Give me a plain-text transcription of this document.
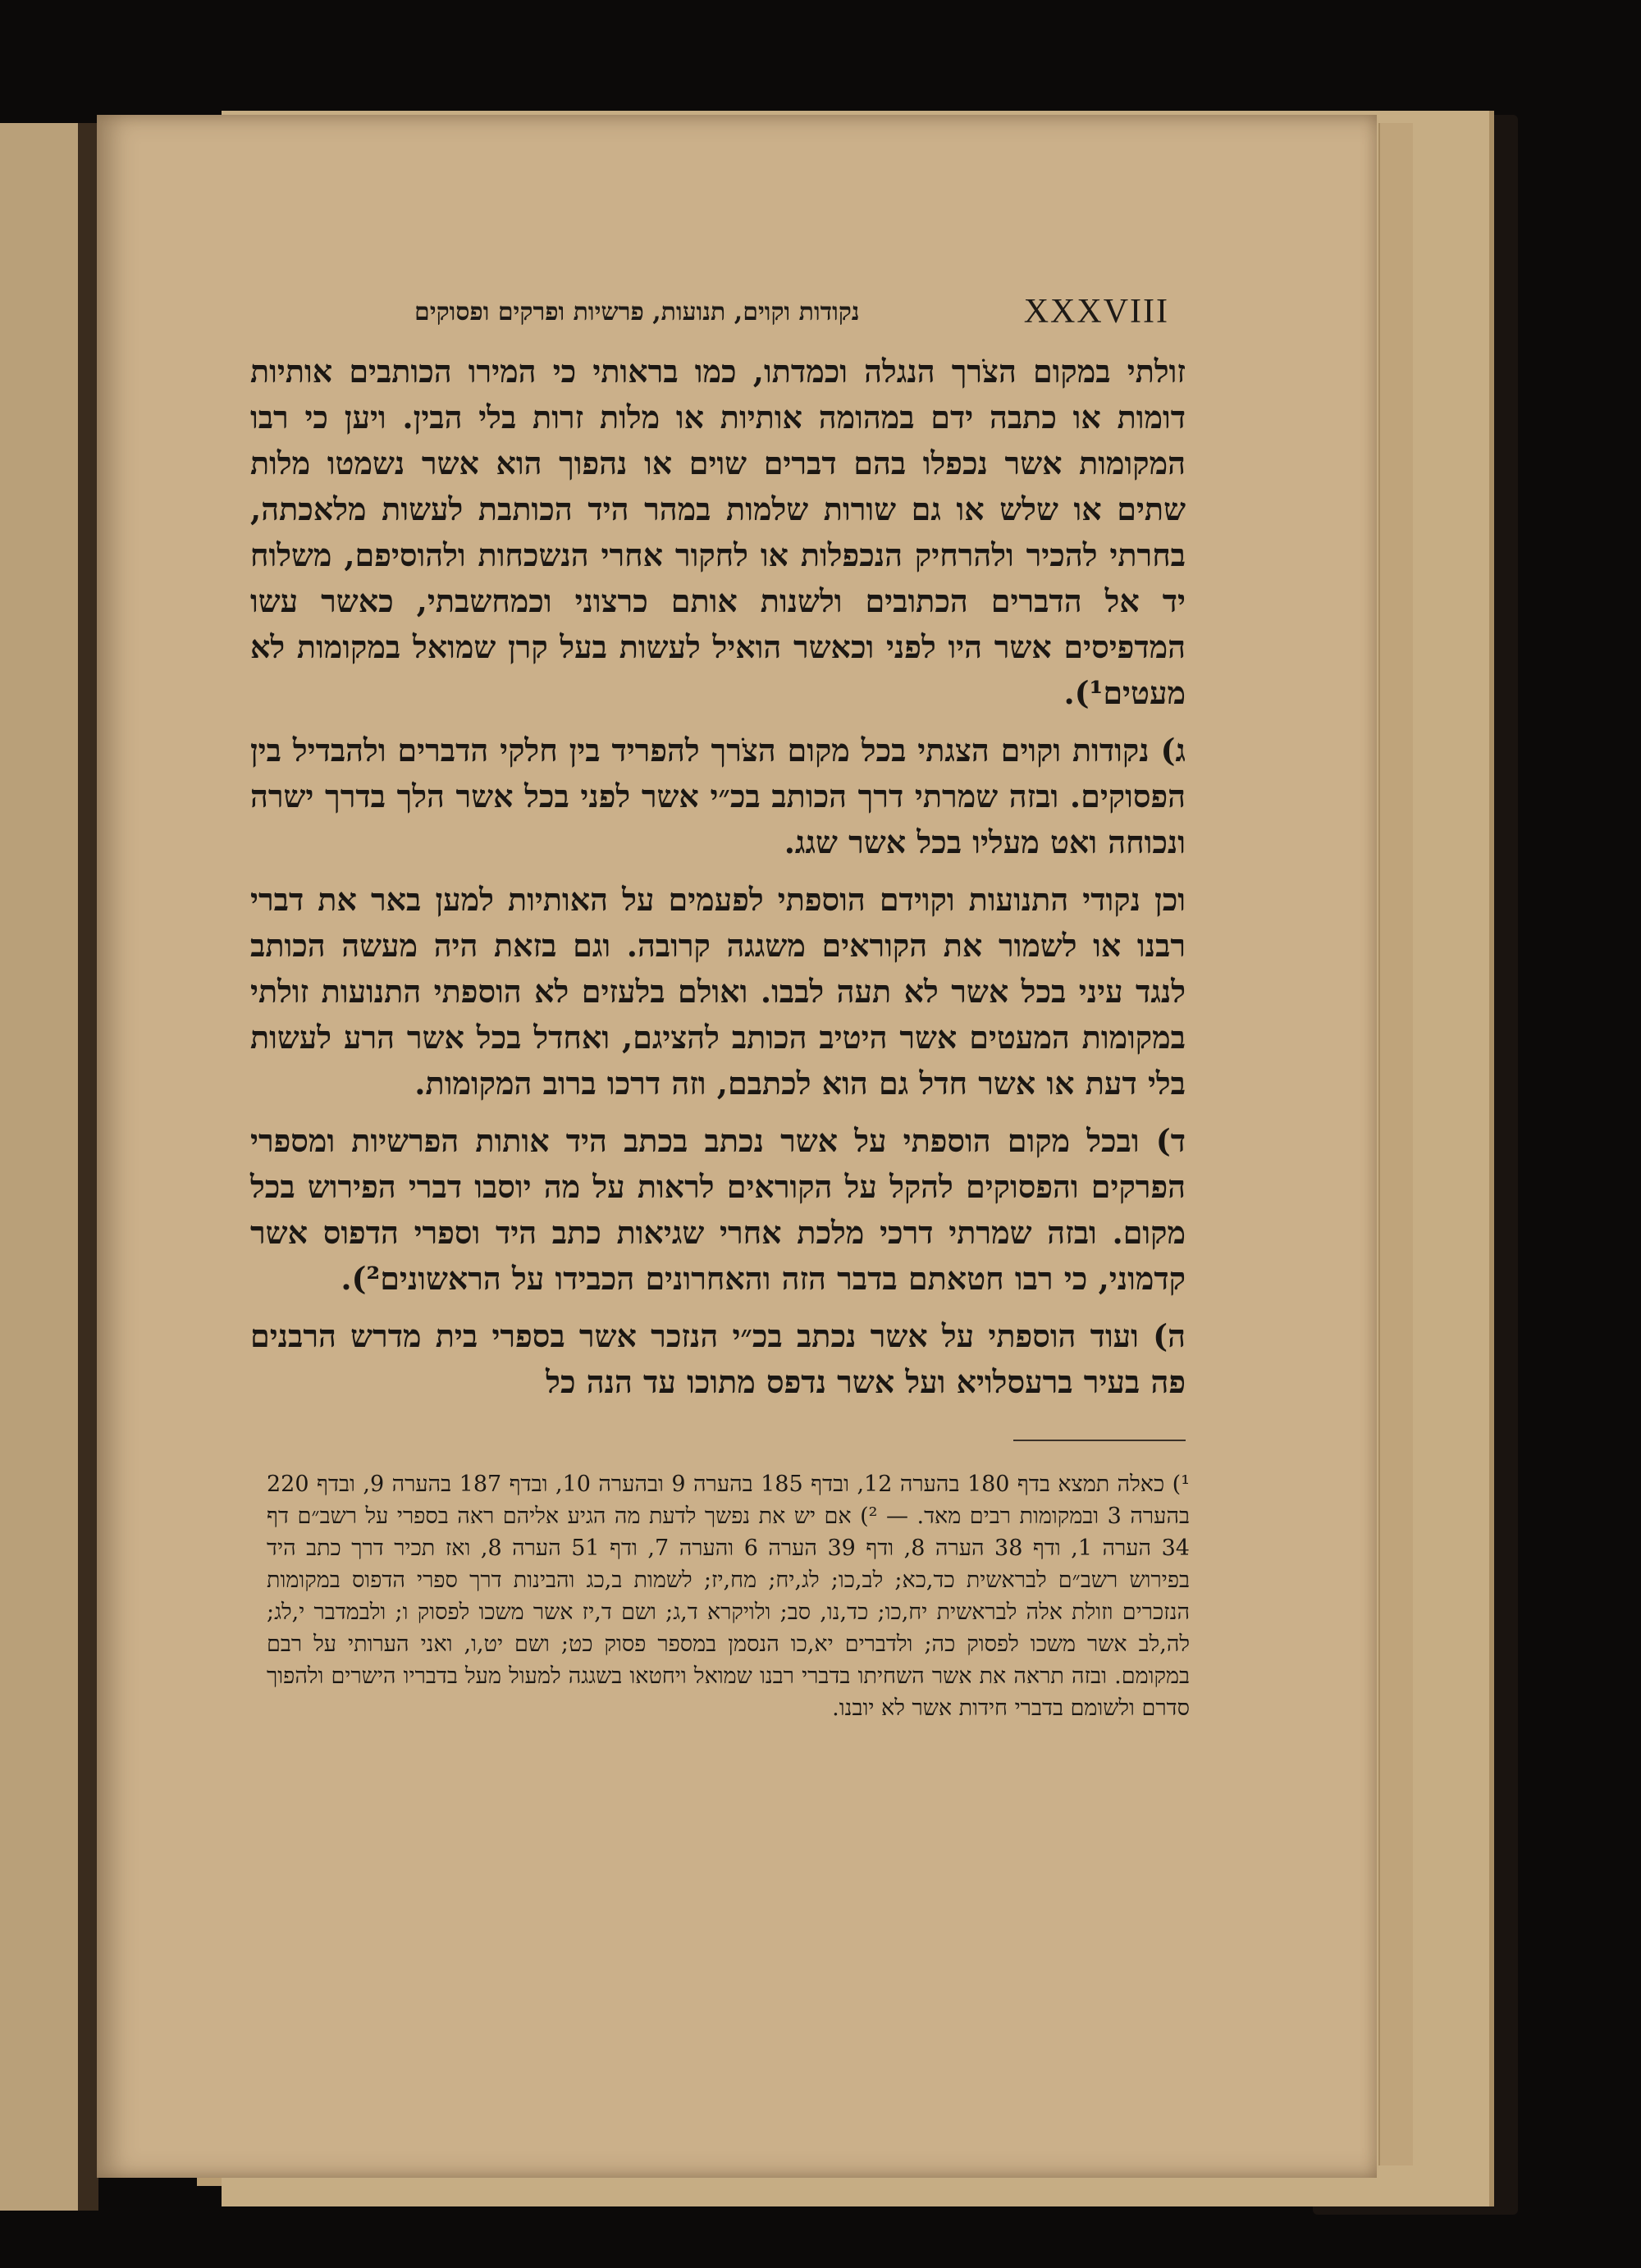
נקודות וקוים, תנועות, פרשיות ופרקים ופסוקים	XXXVIII

זולתי במקום הצֹרך הנגלה וכמדתו, כמו בראותי כי המירו הכותבים אותיות דומות או כתבה ידם במהומה אותיות או מלות זרות בלי הבין. ויען כי רבו המקומות אשר נכפלו בהם דברים שוים או נהפוך הוא אשר נשמטו מלות שתים או שלש או גם שורות שלמות במהר היד הכותבת לעשות מלאכתה, בחרתי להכיר ולהרחיק הנכפלות או לחקור אחרי הנשכחות ולהוסיפם, משלוח יד אל הדברים הכתובים ולשנות אותם כרצוני וכמחשבתי, כאשר עשו המדפיסים אשר היו לפני וכאשר הואיל לעשות בעל קרן שמואל במקומות לא מעטים¹).

ג) נקודות וקוים הצגתי בכל מקום הצֹרך להפריד בין חלקי הדברים ולהבדיל בין הפסוקים. ובזה שמרתי דרך הכותב בכ״י אשר לפני בכל אשר הלך בדרך ישרה ונכוחה ואט מעליו בכל אשר שגג.

וכן נקודי התנועות וקוידם הוספתי לפעמים על האותיות למען באר את דברי רבנו או לשמור את הקוראים משגגה קרובה. וגם בזאת היה מעשה הכותב לנגד עיני בכל אשר לא תעה לבבו. ואולם בלעזים לא הוספתי התנועות זולתי במקומות המעטים אשר היטיב הכותב להציגם, ואחדל בכל אשר הרע לעשות בלי דעת או אשר חדל גם הוא לכתבם, וזה דרכו ברוב המקומות.

ד) ובכל מקום הוספתי על אשר נכתב בכתב היד אותות הפרשיות ומספרי הפרקים והפסוקים להקל על הקוראים לראות על מה יוסבו דברי הפירוש בכל מקום. ובזה שמרתי דרכי מלכת אחרי שגיאות כתב היד וספרי הדפוס אשר קדמוני, כי רבו חטאתם בדבר הזה והאחרונים הכבידו על הראשונים²).

ה) ועוד הוספתי על אשר נכתב בכ״י הנזכר אשר בספרי בית מדרש הרבנים פה בעיר ברעסלויא ועל אשר נדפס מתוכו עד הנה כל

¹) כאלה תמצא בדף 180 בהערה 12, ובדף 185 בהערה 9 ובהערה 10, ובדף 187 בהערה 9, ובדף 220 בהערה 3 ובמקומות רבים מאד. — ²) אם יש את נפשך לדעת מה הגיע אליהם ראה בספרי על רשב״ם דף 34 הערה 1, ודף 38 הערה 8, ודף 39 הערה 6 והערה 7, ודף 51 הערה 8, ואז תכיר דרך כתב היד בפירוש רשב״ם לבראשית כד,כא; לב,כו; לג,יח; מח,יז; לשמות ב,כג והבינות דרך ספרי הדפוס במקומות הנזכרים וזולת אלה לבראשית יח,כו; כד,נו, סב; ולויקרא ד,ג; ושם ד,יז אשר משכו לפסוק ו; ולבמדבר י,לג; לה,לב אשר משכו לפסוק כה; ולדברים יא,כו הנסמן במספר פסוק כט; ושם יט,ו, ואני הערותי על רבם במקומם. ובזה תראה את אשר השחיתו בדברי רבנו שמואל ויחטאו בשגגה למעול מעל בדבריו הישרים ולהפוך סדרם ולשומם בדברי חידות אשר לא יובנו.
